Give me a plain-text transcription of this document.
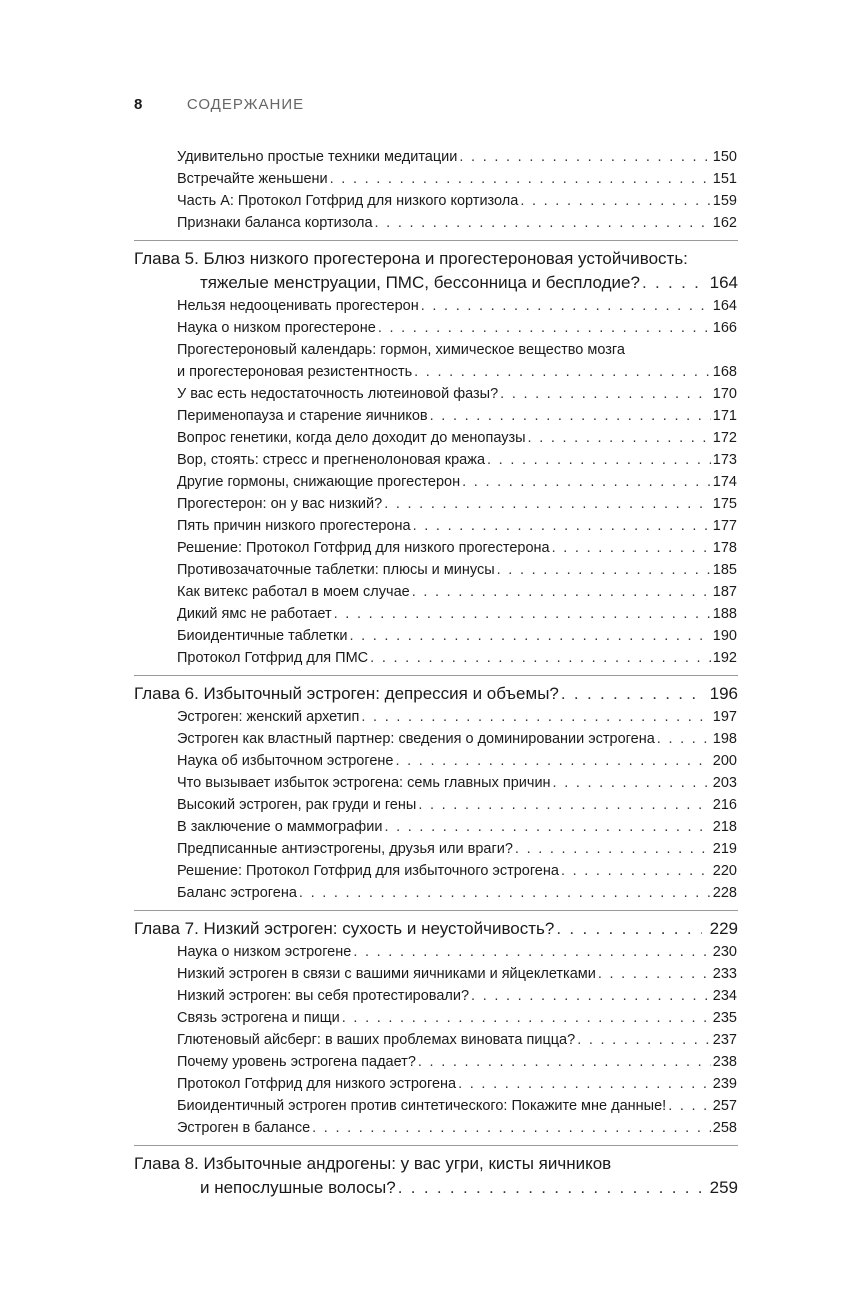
8	СОДЕРЖАНИЕ
Удивительно простые техники медитации . . .	150
Встречайте женьшени . . .	151
Часть А: Протокол Готфрид для низкого кортизола . . .	159
Признаки баланса кортизола . . .	162
Глава 5. Блюз низкого прогестерона и прогестероновая устойчивость:
тяжелые менструации, ПМС, бессонница и бесплодие? . . .	164
Нельзя недооценивать прогестерон . . .	164
Наука о низком прогестероне . . .	166
Прогестероновый календарь: гормон, химическое вещество мозга
и прогестероновая резистентность . . .	168
У вас есть недостаточность лютеиновой фазы? . . .	170
Перименопауза и старение яичников . . .	171
Вопрос генетики, когда дело доходит до менопаузы . . .	172
Вор, стоять: стресс и прегненолоновая кража . . .	173
Другие гормоны, снижающие прогестерон . . .	174
Прогестерон: он у вас низкий? . . .	175
Пять причин низкого прогестерона . . .	177
Решение: Протокол Готфрид для низкого прогестерона . . .	178
Противозачаточные таблетки: плюсы и минусы . . .	185
Как витекс работал в моем случае . . .	187
Дикий ямс не работает . . .	188
Биоидентичные таблетки . . .	190
Протокол Готфрид для ПМС . . .	192
Глава 6. Избыточный эстроген: депрессия и объемы? . . .	196
Эстроген: женский архетип . . .	197
Эстроген как властный партнер: сведения о доминировании эстрогена . . .	198
Наука об избыточном эстрогене . . .	200
Что вызывает избыток эстрогена: семь главных причин . . .	203
Высокий эстроген, рак груди и гены . . .	216
В заключение о маммографии . . .	218
Предписанные антиэстрогены, друзья или враги? . . .	219
Решение: Протокол Готфрид для избыточного эстрогена . . .	220
Баланс эстрогена . . .	228
Глава 7. Низкий эстроген: сухость и неустойчивость? . . .	229
Наука о низком эстрогене . . .	230
Низкий эстроген в связи с вашими яичниками и яйцеклетками . . .	233
Низкий эстроген: вы себя протестировали? . . .	234
Связь эстрогена и пищи . . .	235
Глютеновый айсберг: в ваших проблемах виновата пицца? . . .	237
Почему уровень эстрогена падает? . . .	238
Протокол Готфрид для низкого эстрогена . . .	239
Биоидентичный эстроген против синтетического: Покажите мне данные! . . .	257
Эстроген в балансе . . .	258
Глава 8. Избыточные андрогены: у вас угри, кисты яичников
и непослушные волосы? . . .	259
